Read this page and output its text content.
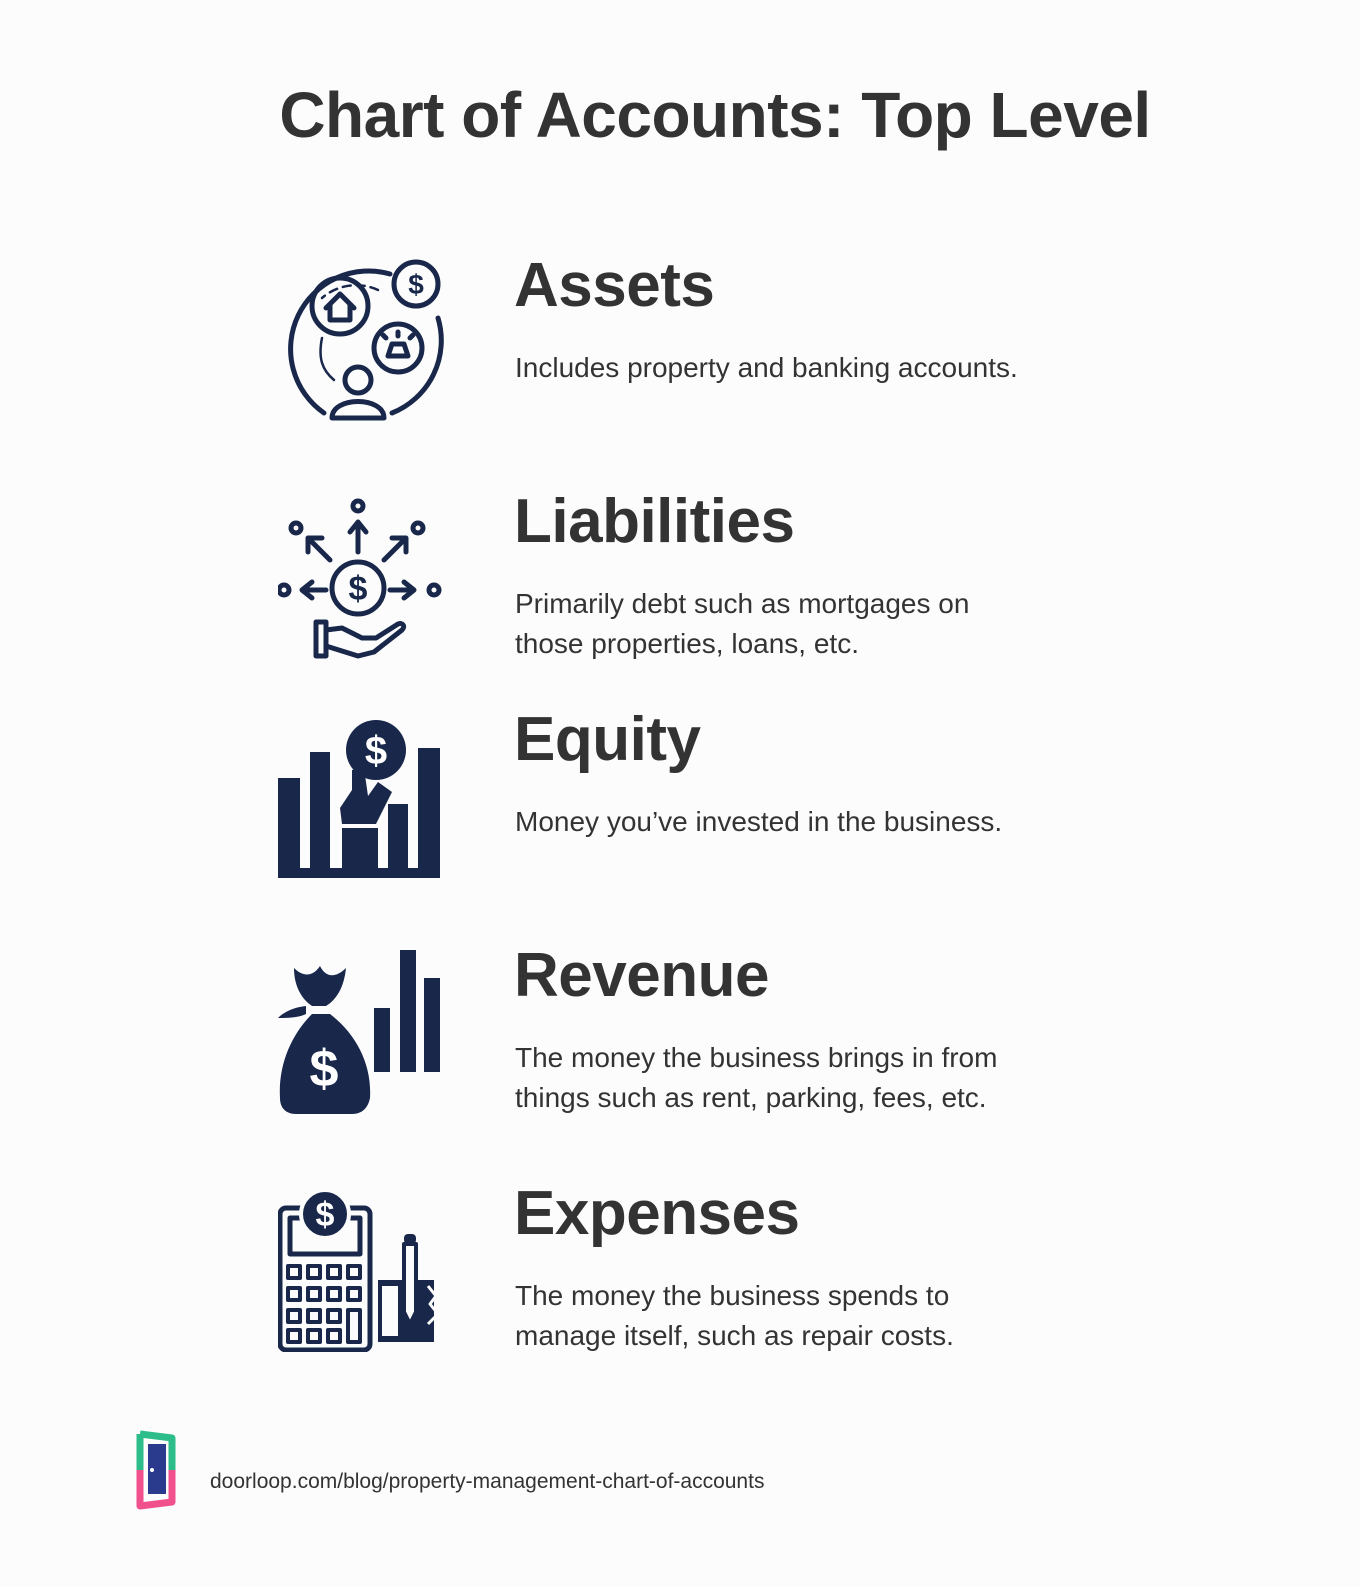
Chart of Accounts: Top Level
$ Assets

Includes property and banking accounts.

$
Liabilities

Primarily debt such as mortgages on those properties, loans, etc.

$ Equity

Money you’ve invested in the business.

$
Revenue

The money the business brings in from things such as rent, parking, fees, etc.

$	Expenses

The money the business spends to manage itself, such as repair costs.

doorloop.com/blog/property-management-chart-of-accounts
